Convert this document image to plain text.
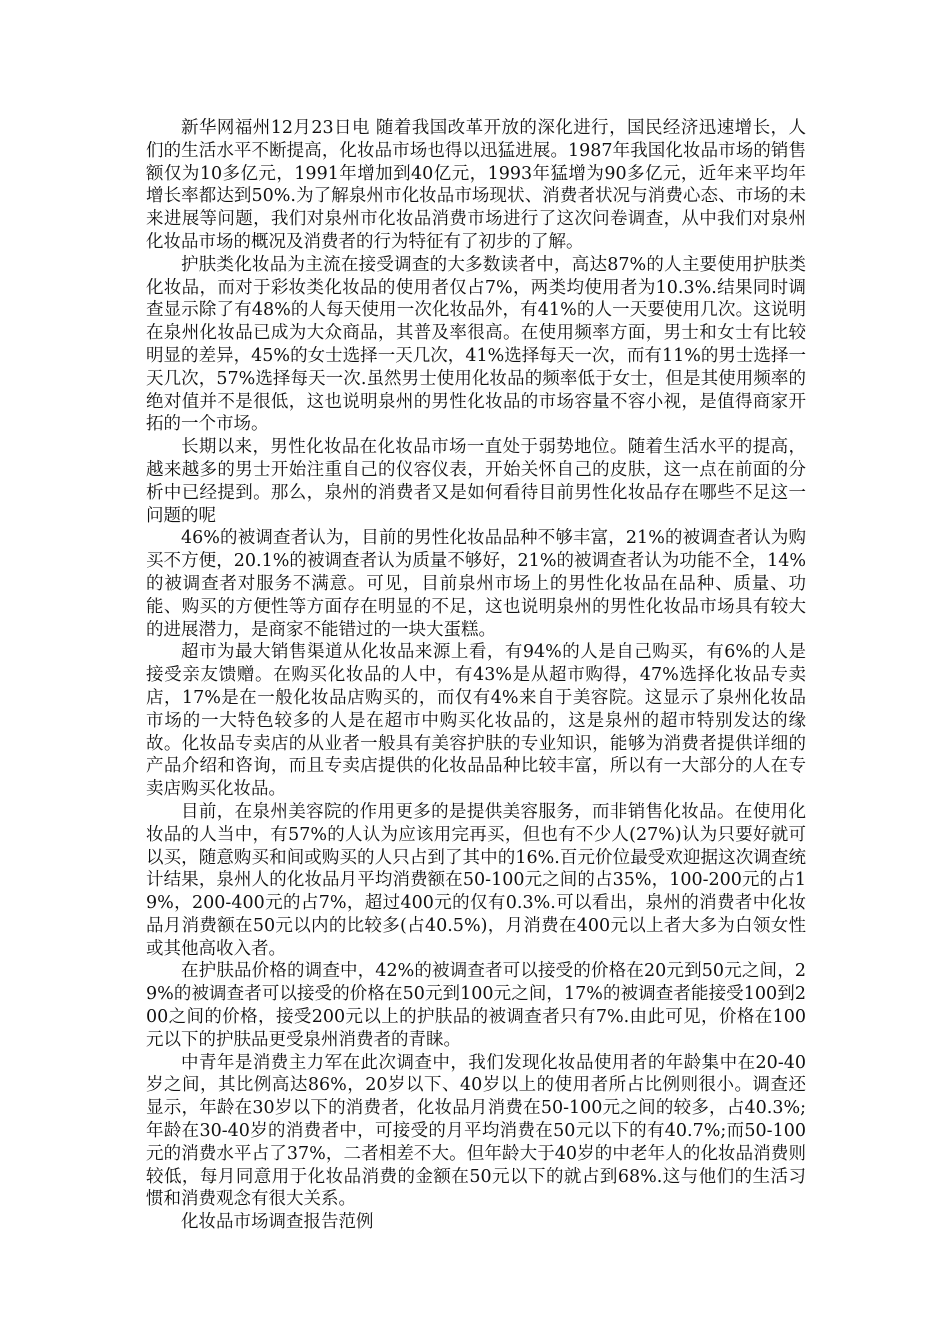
新华网福州12月23日电 随着我国改革开放的深化进行，国民经济迅速增长，人们的生活水平不断提高，化妆品市场也得以迅猛进展。1987年我国化妆品市场的销售额仅为10多亿元，1991年增加到40亿元，1993年猛增为90多亿元，近年来平均年增长率都达到50%.为了解泉州市化妆品市场现状、消费者状况与消费心态、市场的未来进展等问题，我们对泉州市化妆品消费市场进行了这次问卷调查，从中我们对泉州化妆品市场的概况及消费者的行为特征有了初步的了解。

护肤类化妆品为主流在接受调查的大多数读者中，高达87%的人主要使用护肤类化妆品，而对于彩妆类化妆品的使用者仅占7%，两类均使用者为10.3%.结果同时调查显示除了有48%的人每天使用一次化妆品外，有41%的人一天要使用几次。这说明在泉州化妆品已成为大众商品，其普及率很高。在使用频率方面，男士和女士有比较明显的差异，45%的女士选择一天几次，41%选择每天一次，而有11%的男士选择一天几次，57%选择每天一次.虽然男士使用化妆品的频率低于女士，但是其使用频率的绝对值并不是很低，这也说明泉州的男性化妆品的市场容量不容小视，是值得商家开拓的一个市场。

长期以来，男性化妆品在化妆品市场一直处于弱势地位。随着生活水平的提高，越来越多的男士开始注重自己的仪容仪表，开始关怀自己的皮肤，这一点在前面的分析中已经提到。那么，泉州的消费者又是如何看待目前男性化妆品存在哪些不足这一问题的呢

46%的被调查者认为，目前的男性化妆品品种不够丰富，21%的被调查者认为购买不方便，20.1%的被调查者认为质量不够好，21%的被调查者认为功能不全，14%的被调查者对服务不满意。可见，目前泉州市场上的男性化妆品在品种、质量、功能、购买的方便性等方面存在明显的不足，这也说明泉州的男性化妆品市场具有较大的进展潜力，是商家不能错过的一块大蛋糕。

超市为最大销售渠道从化妆品来源上看，有94%的人是自己购买，有6%的人是接受亲友馈赠。在购买化妆品的人中，有43%是从超市购得，47%选择化妆品专卖店，17%是在一般化妆品店购买的，而仅有4%来自于美容院。这显示了泉州化妆品市场的一大特色较多的人是在超市中购买化妆品的，这是泉州的超市特别发达的缘故。化妆品专卖店的从业者一般具有美容护肤的专业知识，能够为消费者提供详细的产品介绍和咨询，而且专卖店提供的化妆品品种比较丰富，所以有一大部分的人在专卖店购买化妆品。

目前，在泉州美容院的作用更多的是提供美容服务，而非销售化妆品。在使用化妆品的人当中，有57%的人认为应该用完再买，但也有不少人(27%)认为只要好就可以买，随意购买和间或购买的人只占到了其中的16%.百元价位最受欢迎据这次调查统计结果，泉州人的化妆品月平均消费额在50-100元之间的占35%，100-200元的占19%，200-400元的占7%，超过400元的仅有0.3%.可以看出，泉州的消费者中化妆品月消费额在50元以内的比较多(占40.5%)，月消费在400元以上者大多为白领女性或其他高收入者。

在护肤品价格的调查中，42%的被调查者可以接受的价格在20元到50元之间，29%的被调查者可以接受的价格在50元到100元之间，17%的被调查者能接受100到200之间的价格，接受200元以上的护肤品的被调查者只有7%.由此可见，价格在100元以下的护肤品更受泉州消费者的青睐。

中青年是消费主力军在此次调查中，我们发现化妆品使用者的年龄集中在20-40岁之间，其比例高达86%，20岁以下、40岁以上的使用者所占比例则很小。调查还显示，年龄在30岁以下的消费者，化妆品月消费在50-100元之间的较多，占40.3%;年龄在30-40岁的消费者中，可接受的月平均消费在50元以下的有40.7%;而50-100元的消费水平占了37%，二者相差不大。但年龄大于40岁的中老年人的化妆品消费则较低，每月同意用于化妆品消费的金额在50元以下的就占到68%.这与他们的生活习惯和消费观念有很大关系。

化妆品市场调查报告范例
